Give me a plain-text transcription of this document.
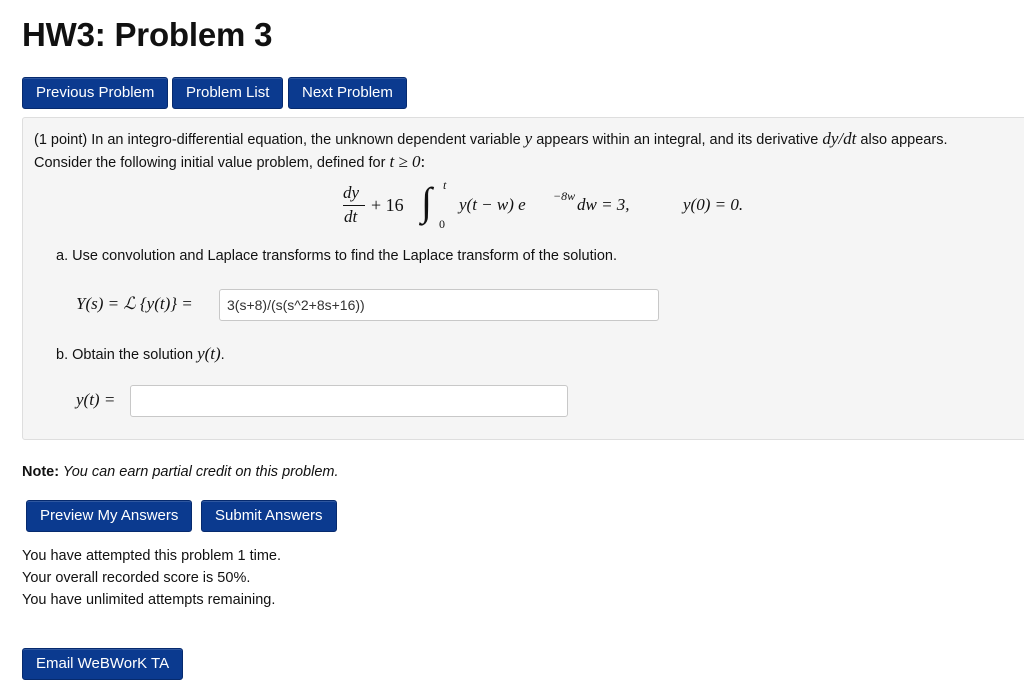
HW3: Problem 3
Previous Problem	Problem List	Next Problem
(1 point) In an integro-differential equation, the unknown dependent variable y appears within an integral, and its derivative dy/dt also appears.
Consider the following initial value problem, defined for t ≥ 0:
dy
dt
+ 16 ∫ t
0
y(t − w) e −8w dw = 3,	y(0) = 0.
a. Use convolution and Laplace transforms to find the Laplace transform of the solution.
Y(s) = ℒ {y(t)} =
3(s+8)/(s(s^2+8s+16))
b. Obtain the solution y(t).
y(t) =
Note: You can earn partial credit on this problem.
Preview My Answers	Submit Answers
You have attempted this problem 1 time.
Your overall recorded score is 50%.
You have unlimited attempts remaining.
Email WeBWorK TA
